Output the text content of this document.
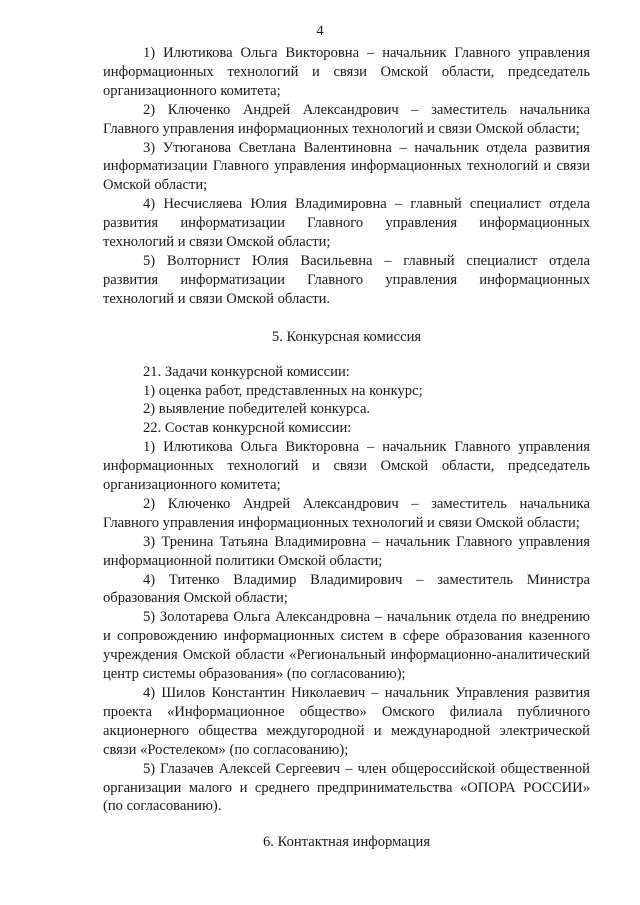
4

1) Илютикова Ольга Викторовна – начальник Главного управления информационных технологий и связи Омской области, председатель организационного комитета;

2) Ключенко Андрей Александрович – заместитель начальника Главного управления информационных технологий и связи Омской области;

3) Утюганова Светлана Валентиновна – начальник отдела развития информатизации Главного управления информационных технологий и связи Омской области;

4) Несчисляева Юлия Владимировна – главный специалист отдела развития информатизации Главного управления информационных технологий и связи Омской области;

5) Волторнист Юлия Васильевна – главный специалист отдела развития информатизации Главного управления информационных технологий и связи Омской области.

5. Конкурсная комиссия

21. Задачи конкурсной комиссии:

1) оценка работ, представленных на конкурс;

2) выявление победителей конкурса.

22. Состав конкурсной комиссии:

1) Илютикова Ольга Викторовна – начальник Главного управления информационных технологий и связи Омской области, председатель организационного комитета;

2) Ключенко Андрей Александрович – заместитель начальника Главного управления информационных технологий и связи Омской области;

3) Тренина Татьяна Владимировна – начальник Главного управления информационной политики Омской области;

4) Титенко Владимир Владимирович – заместитель Министра образования Омской области;

5) Золотарева Ольга Александровна – начальник отдела по внедрению и сопровождению информационных систем в сфере образования казенного учреждения Омской области «Региональный информационно-аналитический центр системы образования» (по согласованию);

4) Шилов Константин Николаевич – начальник Управления развития проекта «Информационное общество» Омского филиала публичного акционерного общества междугородной и международной электрической связи «Ростелеком» (по согласованию);

5) Глазачев Алексей Сергеевич – член общероссийской общественной организации малого и среднего предпринимательства «ОПОРА РОССИИ» (по согласованию).

6. Контактная информация
